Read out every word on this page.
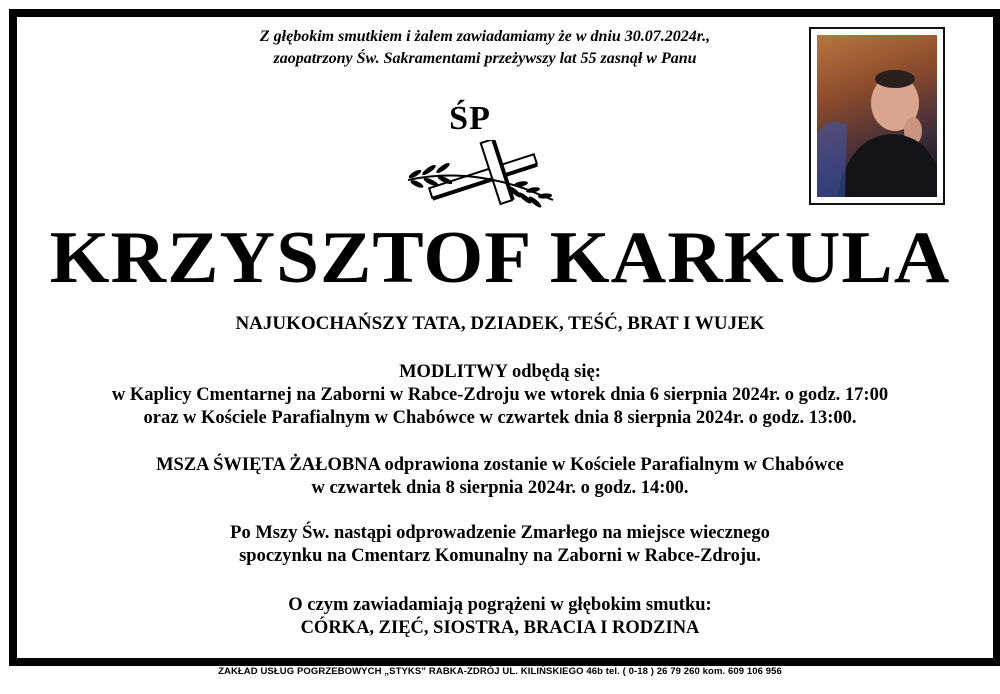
Z głębokim smutkiem i żalem zawiadamiamy że w dniu 30.07.2024r.,
zaopatrzony Św. Sakramentami przeżywszy lat 55 zasnął w Panu
ŚP
KRZYSZTOF KARKULA
NAJUKOCHAŃSZY TATA, DZIADEK, TEŚĆ, BRAT I WUJEK
MODLITWY odbędą się:
w Kaplicy Cmentarnej na Zaborni w Rabce-Zdroju we wtorek dnia 6 sierpnia 2024r. o godz. 17:00
oraz w Kościele Parafialnym w Chabówce w czwartek dnia 8 sierpnia 2024r. o godz. 13:00.
MSZA ŚWIĘTA ŻAŁOBNA odprawiona zostanie w Kościele Parafialnym w Chabówce
w czwartek dnia 8 sierpnia 2024r. o godz. 14:00.
Po Mszy Św. nastąpi odprowadzenie Zmarłego na miejsce wiecznego
spoczynku na Cmentarz Komunalny na Zaborni w Rabce-Zdroju.
O czym zawiadamiają pogrążeni w głębokim smutku:
CÓRKA, ZIĘĆ, SIOSTRA, BRACIA I RODZINA
ZAKŁAD USŁUG POGRZEBOWYCH „STYKS” RABKA-ZDRÓJ UL. KILIŃSKIEGO 46b tel. ( 0-18 ) 26 79 260 kom. 609 106 956
